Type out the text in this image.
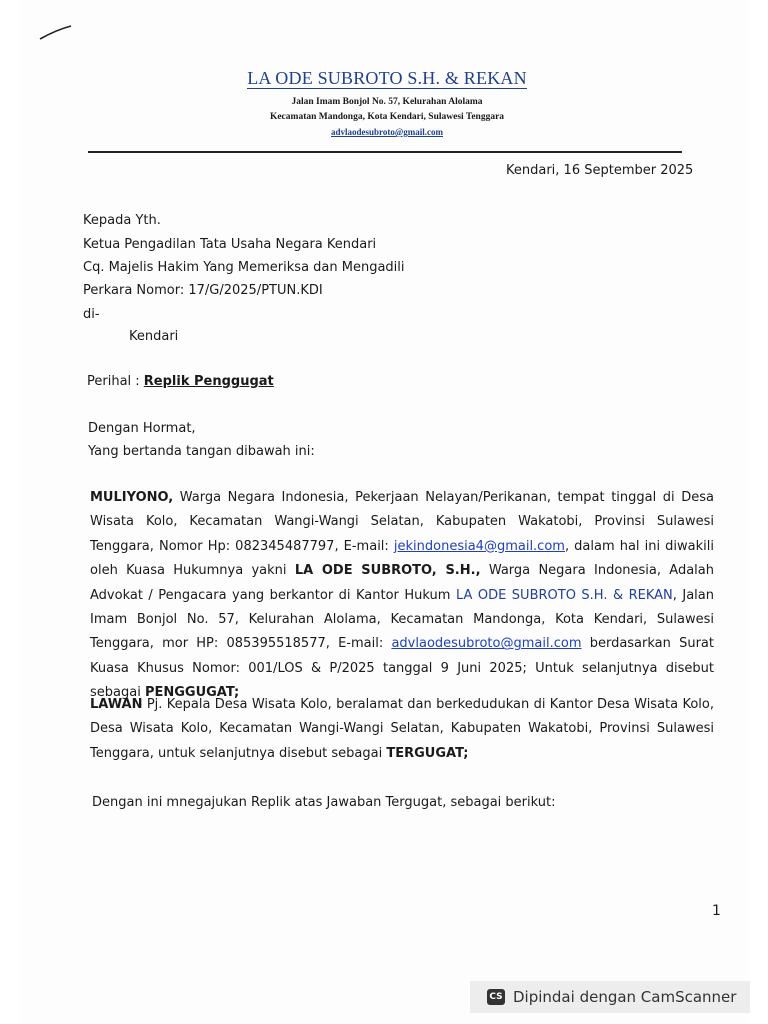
LA ODE SUBROTO S.H. & REKAN
Jalan Imam Bonjol No. 57, Kelurahan Alolama
Kecamatan Mandonga, Kota Kendari, Sulawesi Tenggara
advlaodesubroto@gmail.com
Kendari, 16 September 2025
Kepada Yth.
Ketua Pengadilan Tata Usaha Negara Kendari
Cq. Majelis Hakim Yang Memeriksa dan Mengadili
Perkara Nomor: 17/G/2025/PTUN.KDI
di-
Kendari
Perihal : Replik Penggugat
Dengan Hormat,
Yang bertanda tangan dibawah ini:
MULIYONO, Warga Negara Indonesia, Pekerjaan Nelayan/Perikanan, tempat tinggal di Desa Wisata Kolo, Kecamatan Wangi-Wangi Selatan, Kabupaten Wakatobi, Provinsi Sulawesi Tenggara, Nomor Hp: 082345487797, E-mail: jekindonesia4@gmail.com, dalam hal ini diwakili oleh Kuasa Hukumnya yakni LA ODE SUBROTO, S.H., Warga Negara Indonesia, Adalah Advokat / Pengacara yang berkantor di Kantor Hukum LA ODE SUBROTO S.H. & REKAN, Jalan Imam Bonjol No. 57, Kelurahan Alolama, Kecamatan Mandonga, Kota Kendari, Sulawesi Tenggara, mor HP: 085395518577, E-mail: advlaodesubroto@gmail.com berdasarkan Surat Kuasa Khusus Nomor: 001/LOS & P/2025 tanggal 9 Juni 2025; Untuk selanjutnya disebut sebagai PENGGUGAT;
LAWAN Pj. Kepala Desa Wisata Kolo, beralamat dan berkedudukan di Kantor Desa Wisata Kolo, Desa Wisata Kolo, Kecamatan Wangi-Wangi Selatan, Kabupaten Wakatobi, Provinsi Sulawesi Tenggara, untuk selanjutnya disebut sebagai TERGUGAT;
Dengan ini mnegajukan Replik atas Jawaban Tergugat, sebagai berikut:
1
CS Dipindai dengan CamScanner
